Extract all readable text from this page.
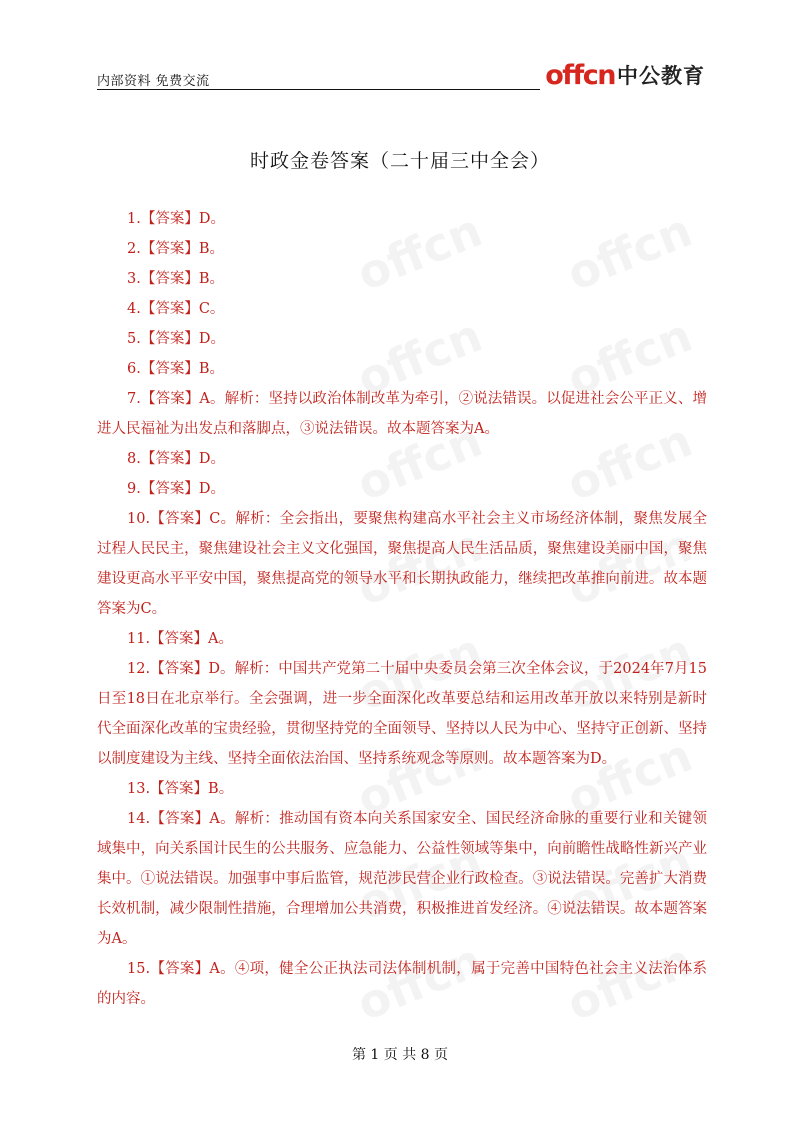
内部资料 免费交流	offcn 中公教育
时政金卷答案（二十届三中全会）

1.【答案】D。

2.【答案】B。

3.【答案】B。

4.【答案】C。

5.【答案】D。

6.【答案】B。

7.【答案】A。解析：坚持以政治体制改革为牵引，②说法错误。以促进社会公平正义、增进人民福祉为出发点和落脚点，③说法错误。故本题答案为A。

8.【答案】D。

9.【答案】D。

10.【答案】C。解析：全会指出，要聚焦构建高水平社会主义市场经济体制，聚焦发展全过程人民民主，聚焦建设社会主义文化强国，聚焦提高人民生活品质，聚焦建设美丽中国，聚焦建设更高水平平安中国，聚焦提高党的领导水平和长期执政能力，继续把改革推向前进。故本题答案为C。

11.【答案】A。

12.【答案】D。解析：中国共产党第二十届中央委员会第三次全体会议，于2024年7月15日至18日在北京举行。全会强调，进一步全面深化改革要总结和运用改革开放以来特别是新时代全面深化改革的宝贵经验，贯彻坚持党的全面领导、坚持以人民为中心、坚持守正创新、坚持以制度建设为主线、坚持全面依法治国、坚持系统观念等原则。故本题答案为D。

13.【答案】B。

14.【答案】A。解析：推动国有资本向关系国家安全、国民经济命脉的重要行业和关键领域集中，向关系国计民生的公共服务、应急能力、公益性领域等集中，向前瞻性战略性新兴产业集中。①说法错误。加强事中事后监管，规范涉民营企业行政检查。③说法错误。完善扩大消费长效机制，减少限制性措施，合理增加公共消费，积极推进首发经济。④说法错误。故本题答案为A。

15.【答案】A。④项，健全公正执法司法体制机制，属于完善中国特色社会主义法治体系的内容。

第 1 页 共 8 页
